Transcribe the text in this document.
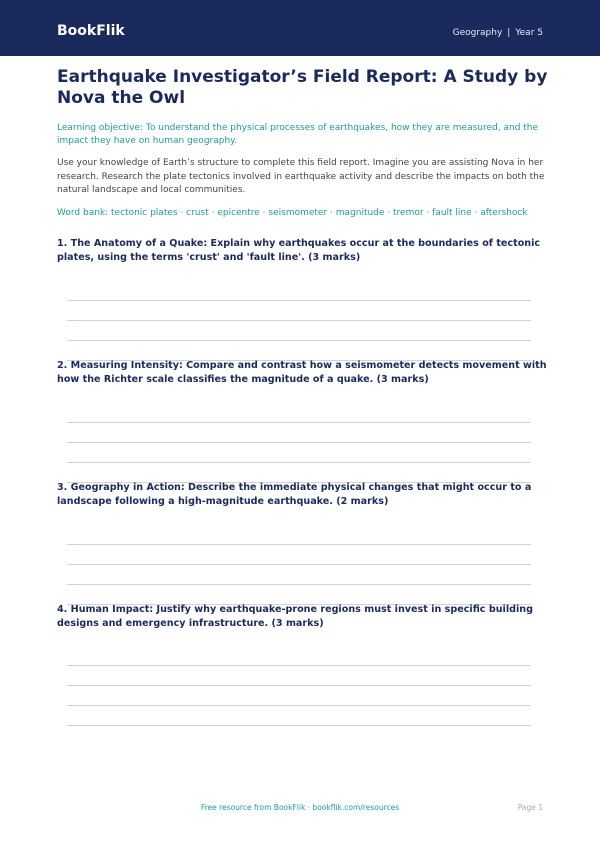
BookFlik	Geography | Year 5
Earthquake Investigator’s Field Report: A Study by Nova the Owl
Learning objective: To understand the physical processes of earthquakes, how they are measured, and the impact they have on human geography.
Use your knowledge of Earth’s structure to complete this field report. Imagine you are assisting Nova in her research. Research the plate tectonics involved in earthquake activity and describe the impacts on both the natural landscape and local communities.
Word bank: tectonic plates · crust · epicentre · seismometer · magnitude · tremor · fault line · aftershock
1. The Anatomy of a Quake: Explain why earthquakes occur at the boundaries of tectonic plates, using the terms 'crust' and 'fault line'. (3 marks)
2. Measuring Intensity: Compare and contrast how a seismometer detects movement with how the Richter scale classifies the magnitude of a quake. (3 marks)
3. Geography in Action: Describe the immediate physical changes that might occur to a landscape following a high-magnitude earthquake. (2 marks)
4. Human Impact: Justify why earthquake-prone regions must invest in specific building designs and emergency infrastructure. (3 marks)
Free resource from BookFlik · bookflik.com/resources	Page 1
